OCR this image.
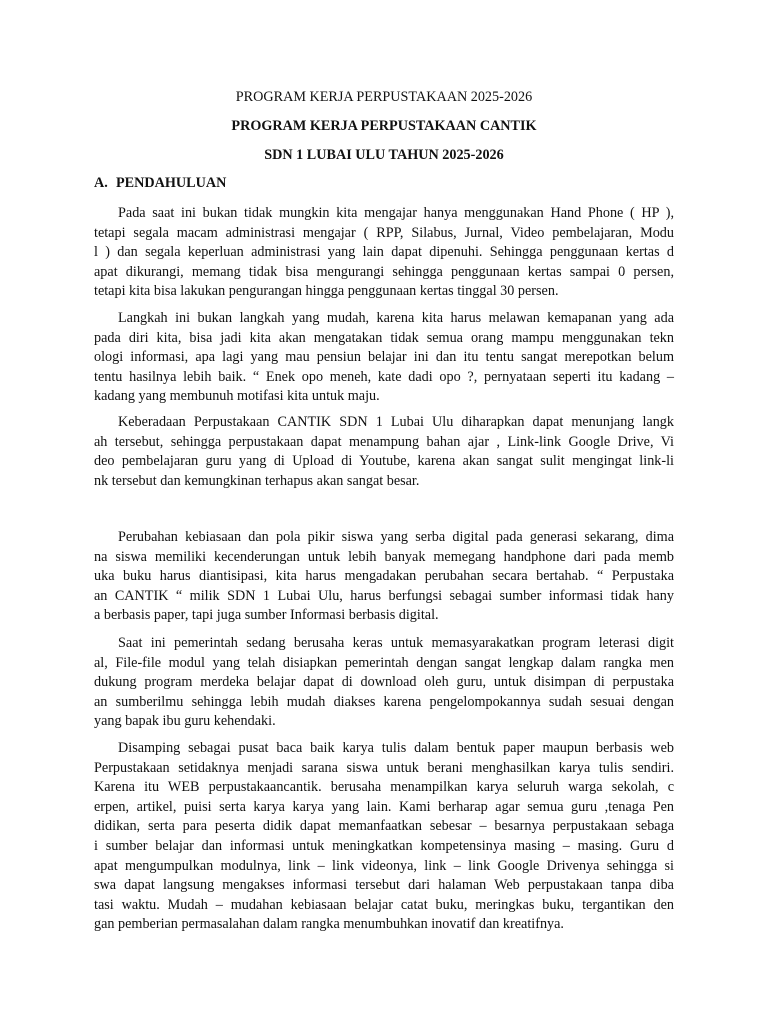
PROGRAM KERJA PERPUSTAKAAN 2025-2026

PROGRAM KERJA PERPUSTAKAAN CANTIK

SDN 1 LUBAI ULU TAHUN 2025-2026

A. PENDAHULUAN

Pada saat ini bukan tidak mungkin kita mengajar hanya menggunakan Hand Phone ( HP ),
tetapi segala macam administrasi mengajar ( RPP, Silabus, Jurnal, Video pembelajaran, Modu
l ) dan segala keperluan administrasi yang lain dapat dipenuhi. Sehingga penggunaan kertas d
apat dikurangi, memang tidak bisa mengurangi sehingga penggunaan kertas sampai 0 persen,
tetapi kita bisa lakukan pengurangan hingga penggunaan kertas tinggal 30 persen.
Langkah ini bukan langkah yang mudah, karena kita harus melawan kemapanan yang ada
pada diri kita, bisa jadi kita akan mengatakan tidak semua orang mampu menggunakan tekn
ologi informasi, apa lagi yang mau pensiun belajar ini dan itu tentu sangat merepotkan belum
tentu hasilnya lebih baik. “ Enek opo meneh, kate dadi opo ?, pernyataan seperti itu kadang –
kadang yang membunuh motifasi kita untuk maju.
Keberadaan Perpustakaan CANTIK SDN 1 Lubai Ulu diharapkan dapat menunjang langk
ah tersebut, sehingga perpustakaan dapat menampung bahan ajar , Link-link Google Drive, Vi
deo pembelajaran guru yang di Upload di Youtube, karena akan sangat sulit mengingat link-li
nk tersebut dan kemungkinan terhapus akan sangat besar.
Perubahan kebiasaan dan pola pikir siswa yang serba digital pada generasi sekarang, dima
na siswa memiliki kecenderungan untuk lebih banyak memegang handphone dari pada memb
uka buku harus diantisipasi, kita harus mengadakan perubahan secara bertahab. “ Perpustaka
an CANTIK “ milik SDN 1 Lubai Ulu, harus berfungsi sebagai sumber informasi tidak hany
a berbasis paper, tapi juga sumber Informasi berbasis digital.
Saat ini pemerintah sedang berusaha keras untuk memasyarakatkan program leterasi digit
al, File-file modul yang telah disiapkan pemerintah dengan sangat lengkap dalam rangka men
dukung program merdeka belajar dapat di download oleh guru, untuk disimpan di perpustaka
an sumberilmu sehingga lebih mudah diakses karena pengelompokannya sudah sesuai dengan
yang bapak ibu guru kehendaki.
Disamping sebagai pusat baca baik karya tulis dalam bentuk paper maupun berbasis web
Perpustakaan setidaknya menjadi sarana siswa untuk berani menghasilkan karya tulis sendiri.
Karena itu WEB perpustakaancantik. berusaha menampilkan karya seluruh warga sekolah, c
erpen, artikel, puisi serta karya karya yang lain. Kami berharap agar semua guru ,tenaga Pen
didikan, serta para peserta didik dapat memanfaatkan sebesar – besarnya perpustakaan sebaga
i sumber belajar dan informasi untuk meningkatkan kompetensinya masing – masing. Guru d
apat mengumpulkan modulnya, link – link videonya, link – link Google Drivenya sehingga si
swa dapat langsung mengakses informasi tersebut dari halaman Web perpustakaan tanpa diba
tasi waktu. Mudah – mudahan kebiasaan belajar catat buku, meringkas buku, tergantikan den
gan pemberian permasalahan dalam rangka menumbuhkan inovatif dan kreatifnya.
